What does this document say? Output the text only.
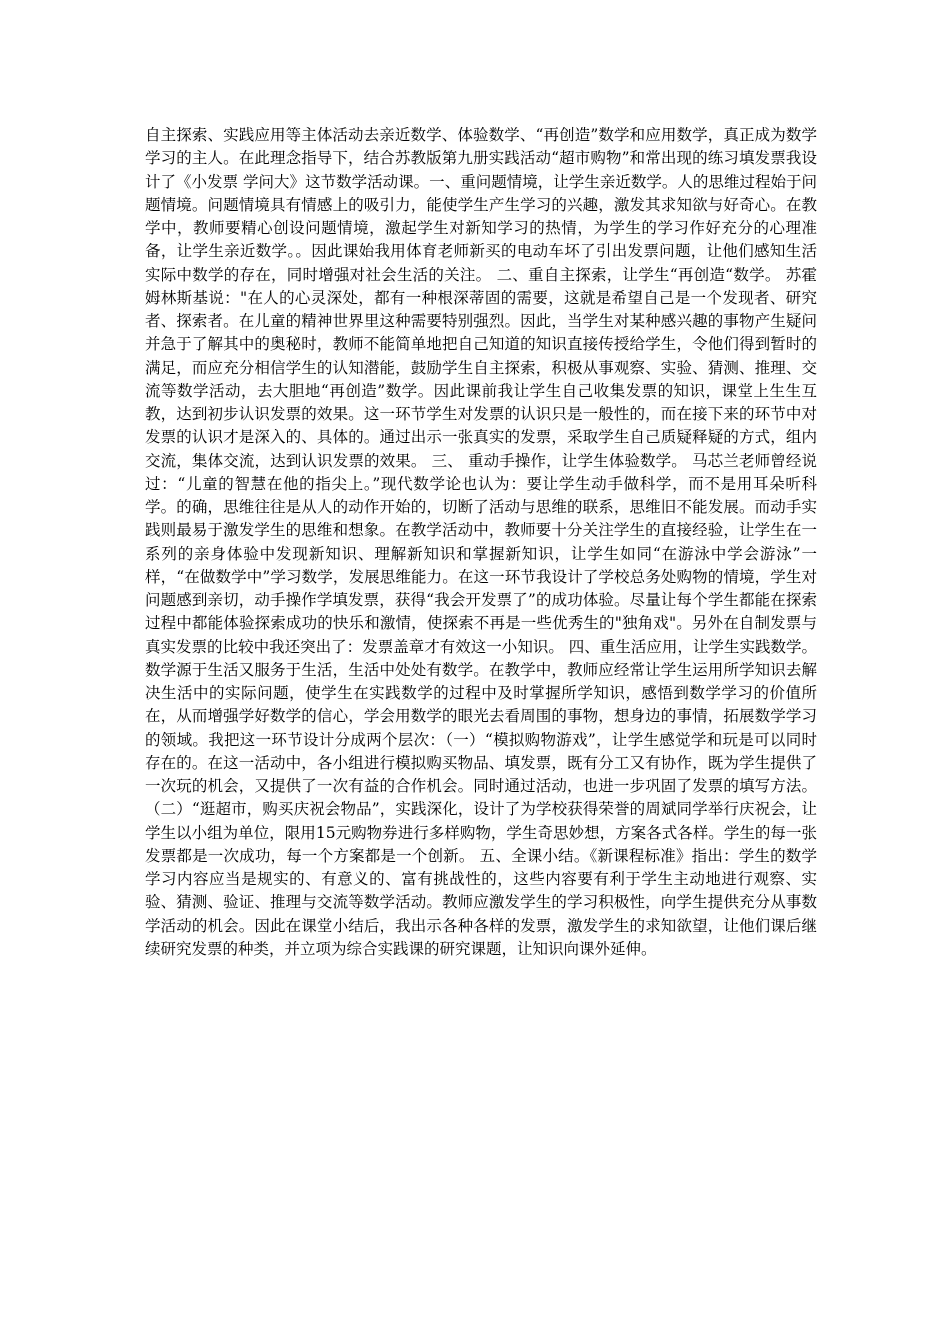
自主探索、实践应用等主体活动去亲近数学、体验数学、“再创造”数学和应用数学，真正成为数学学习的主人。在此理念指导下，结合苏教版第九册实践活动“超市购物”和常出现的练习填发票我设计了《小发票 学问大》这节数学活动课。一、重问题情境，让学生亲近数学。人的思维过程始于问题情境。问题情境具有情感上的吸引力，能使学生产生学习的兴趣，激发其求知欲与好奇心。在教学中，教师要精心创设问题情境，激起学生对新知学习的热情，为学生的学习作好充分的心理准备，让学生亲近数学。。因此课始我用体育老师新买的电动车坏了引出发票问题，让他们感知生活实际中数学的存在，同时增强对社会生活的关注。 二、重自主探索，让学生“再创造“数学。 苏霍姆林斯基说："在人的心灵深处，都有一种根深蒂固的需要，这就是希望自己是一个发现者、研究者、探索者。在儿童的精神世界里这种需要特别强烈。因此，当学生对某种感兴趣的事物产生疑问并急于了解其中的奥秘时，教师不能简单地把自己知道的知识直接传授给学生，令他们得到暂时的满足，而应充分相信学生的认知潜能，鼓励学生自主探索，积极从事观察、实验、猜测、推理、交流等数学活动，去大胆地“再创造”数学。因此课前我让学生自己收集发票的知识，课堂上生生互教，达到初步认识发票的效果。这一环节学生对发票的认识只是一般性的，而在接下来的环节中对发票的认识才是深入的、具体的。通过出示一张真实的发票，采取学生自己质疑释疑的方式，组内交流，集体交流，达到认识发票的效果。 三、 重动手操作，让学生体验数学。 马芯兰老师曾经说过：“儿童的智慧在他的指尖上。”现代数学论也认为：要让学生动手做科学，而不是用耳朵听科学。的确，思维往往是从人的动作开始的，切断了活动与思维的联系，思维旧不能发展。而动手实践则最易于激发学生的思维和想象。在教学活动中，教师要十分关注学生的直接经验，让学生在一系列的亲身体验中发现新知识、理解新知识和掌握新知识，让学生如同“在游泳中学会游泳”一样，“在做数学中”学习数学，发展思维能力。在这一环节我设计了学校总务处购物的情境，学生对问题感到亲切，动手操作学填发票，获得“我会开发票了”的成功体验。尽量让每个学生都能在探索过程中都能体验探索成功的快乐和激情，使探索不再是一些优秀生的"独角戏"。另外在自制发票与真实发票的比较中我还突出了：发票盖章才有效这一小知识。 四、重生活应用，让学生实践数学。数学源于生活又服务于生活，生活中处处有数学。在教学中，教师应经常让学生运用所学知识去解决生活中的实际问题，使学生在实践数学的过程中及时掌握所学知识，感悟到数学学习的价值所在，从而增强学好数学的信心，学会用数学的眼光去看周围的事物，想身边的事情，拓展数学学习的领域。我把这一环节设计分成两个层次：（一）“模拟购物游戏”，让学生感觉学和玩是可以同时存在的。在这一活动中，各小组进行模拟购买物品、填发票，既有分工又有协作，既为学生提供了一次玩的机会，又提供了一次有益的合作机会。同时通过活动，也进一步巩固了发票的填写方法。（二）“逛超市，购买庆祝会物品”，实践深化，设计了为学校获得荣誉的周斌同学举行庆祝会，让学生以小组为单位，限用15元购物券进行多样购物，学生奇思妙想，方案各式各样。学生的每一张发票都是一次成功，每一个方案都是一个创新。 五、全课小结。《新课程标准》指出：学生的数学学习内容应当是规实的、有意义的、富有挑战性的，这些内容要有利于学生主动地进行观察、实验、猜测、验证、推理与交流等数学活动。教师应激发学生的学习积极性，向学生提供充分从事数学活动的机会。因此在课堂小结后，我出示各种各样的发票，激发学生的求知欲望，让他们课后继续研究发票的种类，并立项为综合实践课的研究课题，让知识向课外延伸。
